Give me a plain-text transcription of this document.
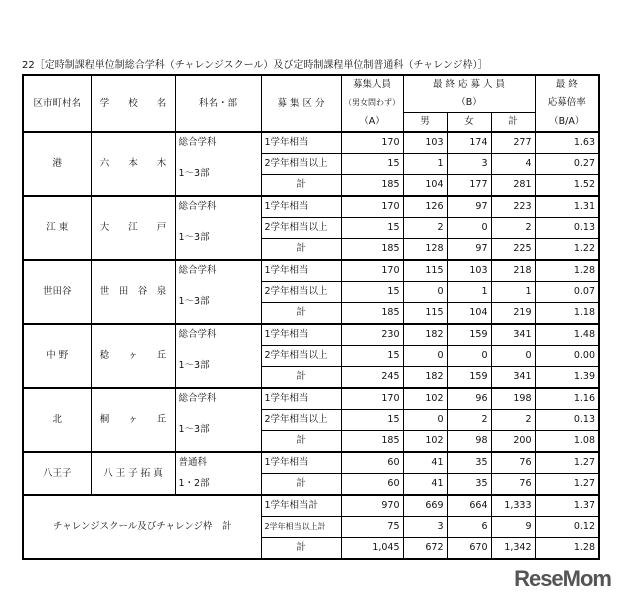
22［定時制課程単位制総合学科（チャレンジスクール）及び定時制課程単位制普通科（チャレンジ枠）］
区市町村名	学　　校　　名	科名・部	募 集 区 分	募集人員	最 終 応 募 人 員			最 終
				（男女問わず）	（B）			応募倍率
				（A）	男	女	計	（B/A）
港	六　　本　　木	総合学科	1学年相当	170	103	174	277	1.63
		1～3部	2学年相当以上	15	1	3	4	0.27
			計	185	104	177	281	1.52
江 東	大　　江　　戸	総合学科	1学年相当	170	126	97	223	1.31
		1～3部	2学年相当以上	15	2	0	2	0.13
			計	185	128	97	225	1.22
世田谷	世　田　谷　泉	総合学科	1学年相当	170	115	103	218	1.28
		1～3部	2学年相当以上	15	0	1	1	0.07
			計	185	115	104	219	1.18
中 野	稔　　ヶ　　丘	総合学科	1学年相当	230	182	159	341	1.48
		1～3部	2学年相当以上	15	0	0	0	0.00
			計	245	182	159	341	1.39
北	桐　　ヶ　　丘	総合学科	1学年相当	170	102	96	198	1.16
		1～3部	2学年相当以上	15	0	2	2	0.13
			計	185	102	98	200	1.08
八王子	八 王 子 拓 真	普通科	1学年相当	60	41	35	76	1.27
		1・2部	計	60	41	35	76	1.27
チャレンジスクール及びチャレンジ枠　計			1学年相当計	970	669	664	1,333	1.37
			2学年相当以上計	75	3	6	9	0.12
			計	1,045	672	670	1,342	1.28
ReseMom
